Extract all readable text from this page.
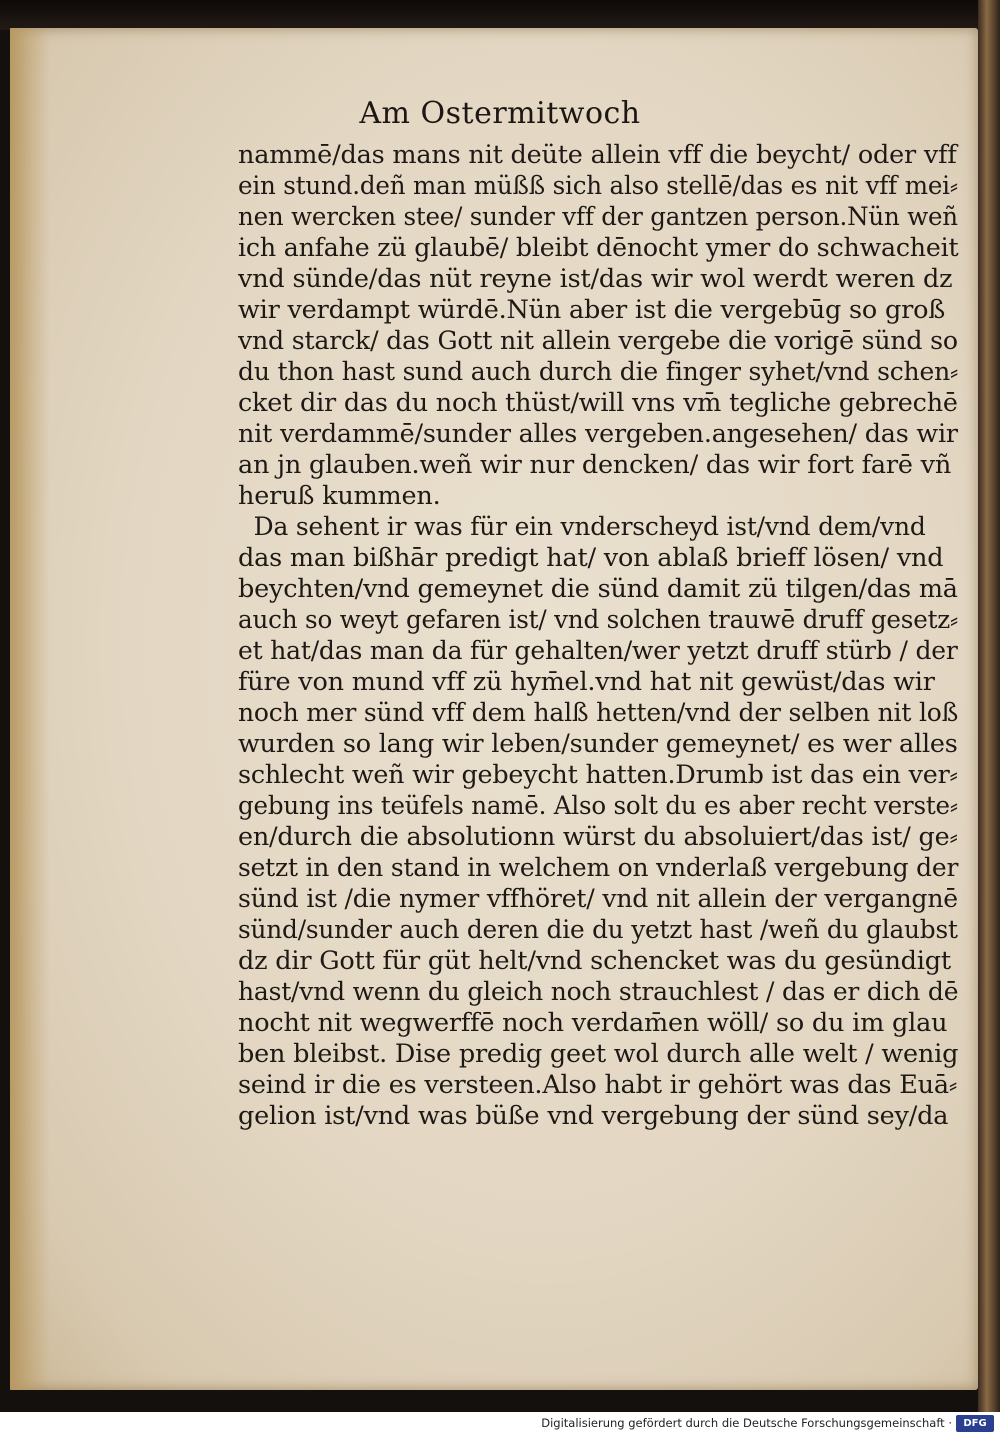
Am Ostermitwoch
nammē/das mans nit deüte allein vff die beycht/ oder vff
ein stund.deñ man müßß sich also stellē/das es nit vff mei⸗
nen wercken stee/ sunder vff der gantzen person.Nün weñ
ich anfahe zü glaubē/ bleibt dēnocht ymer do schwacheit
vnd sünde/das nüt reyne ist/das wir wol werdt weren dz
wir verdampt würdē.Nün aber ist die vergebūg so groß
vnd starck/ das Gott nit allein vergebe die vorigē sünd so
du thon hast sund auch durch die finger syhet/vnd schen⸗
cket dir das du noch thüst/will vns vm̄ tegliche gebrechē
nit verdammē/sunder alles vergeben.angesehen/ das wir
an jn glauben.weñ wir nur dencken/ das wir fort farē vñ
heruß kummen.
Da sehent ir was für ein vnderscheyd ist/vnd dem/vnd
das man bißhār predigt hat/ von ablaß brieff lösen/ vnd
beychten/vnd gemeynet die sünd damit zü tilgen/das mā
auch so weyt gefaren ist/ vnd solchen trauwē druff gesetz⸗
et hat/das man da für gehalten/wer yetzt druff stürb / der
füre von mund vff zü hym̄el.vnd hat nit gewüst/das wir
noch mer sünd vff dem halß hetten/vnd der selben nit loß
wurden so lang wir leben/sunder gemeynet/ es wer alles
schlecht weñ wir gebeycht hatten.Drumb ist das ein ver⸗
gebung ins teüfels namē. Also solt du es aber recht verste⸗
en/durch die absolutionn würst du absoluiert/das ist/ ge⸗
setzt in den stand in welchem on vnderlaß vergebung der
sünd ist /die nymer vffhöret/ vnd nit allein der vergangnē
sünd/sunder auch deren die du yetzt hast /weñ du glaubst
dz dir Gott für güt helt/vnd schencket was du gesündigt
hast/vnd wenn du gleich noch strauchlest / das er dich dē
nocht nit wegwerffē noch verdam̄en wöll/ so du im glau
ben bleibst. Dise predig geet wol durch alle welt / wenig
seind ir die es versteen.Also habt ir gehört was das Euā⸗
gelion ist/vnd was büße vnd vergebung der sünd sey/da
Digitalisierung gefördert durch die Deutsche Forschungsgemeinschaft ·	DFG
